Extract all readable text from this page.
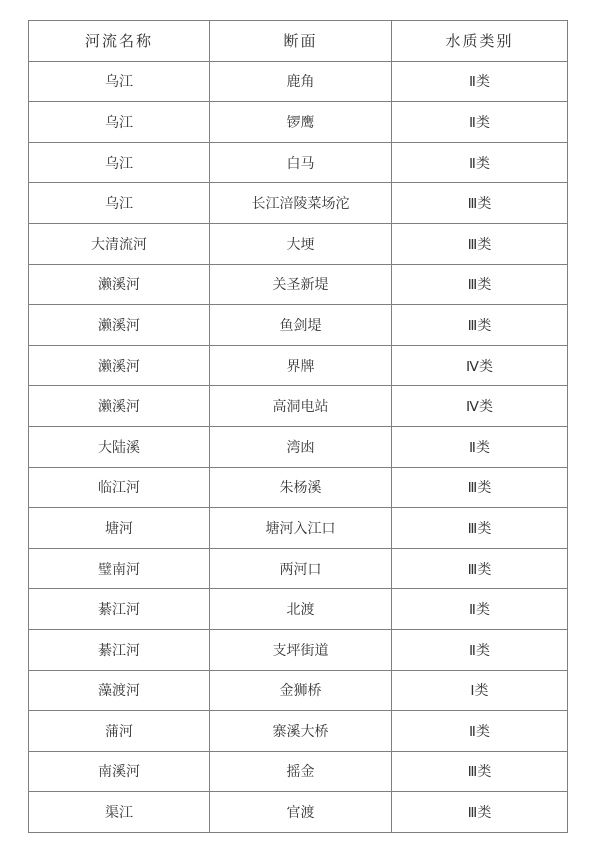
河流名称	断面	水质类别
乌江	鹿角	Ⅱ类
乌江	锣鹰	Ⅱ类
乌江	白马	Ⅱ类
乌江	长江涪陵菜场沱	Ⅲ类
大清流河	大埂	Ⅲ类
濑溪河	关圣新堤	Ⅲ类
濑溪河	鱼剑堤	Ⅲ类
濑溪河	界牌	Ⅳ类
濑溪河	高洞电站	Ⅳ类
大陆溪	湾凼	Ⅱ类
临江河	朱杨溪	Ⅲ类
塘河	塘河入江口	Ⅲ类
璧南河	两河口	Ⅲ类
綦江河	北渡	Ⅱ类
綦江河	支坪街道	Ⅱ类
藻渡河	金狮桥	Ⅰ类
蒲河	寨溪大桥	Ⅱ类
南溪河	摇金	Ⅲ类
渠江	官渡	Ⅲ类
